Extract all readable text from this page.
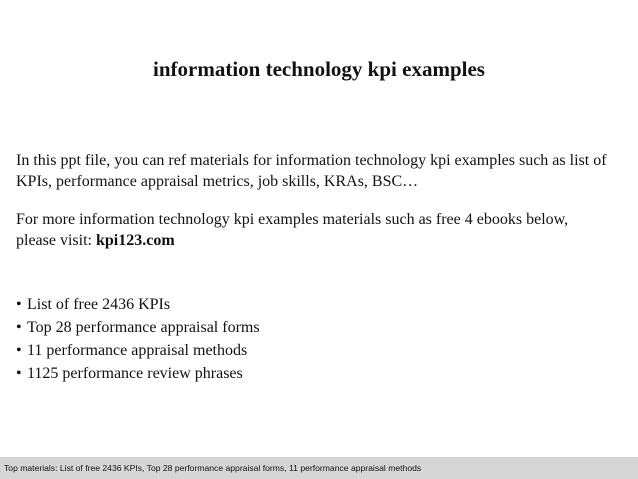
information technology kpi examples

In this ppt file, you can ref materials for information technology kpi examples such as list of KPIs, performance appraisal metrics, job skills, KRAs, BSC…

For more information technology kpi examples materials such as free 4 ebooks below,
please visit: kpi123.com
• List of free 2436 KPIs
• Top 28 performance appraisal forms
• 11 performance appraisal methods
• 1125 performance review phrases
Top materials: List of free 2436 KPIs, Top 28 performance appraisal forms, 11 performance appraisal methods
